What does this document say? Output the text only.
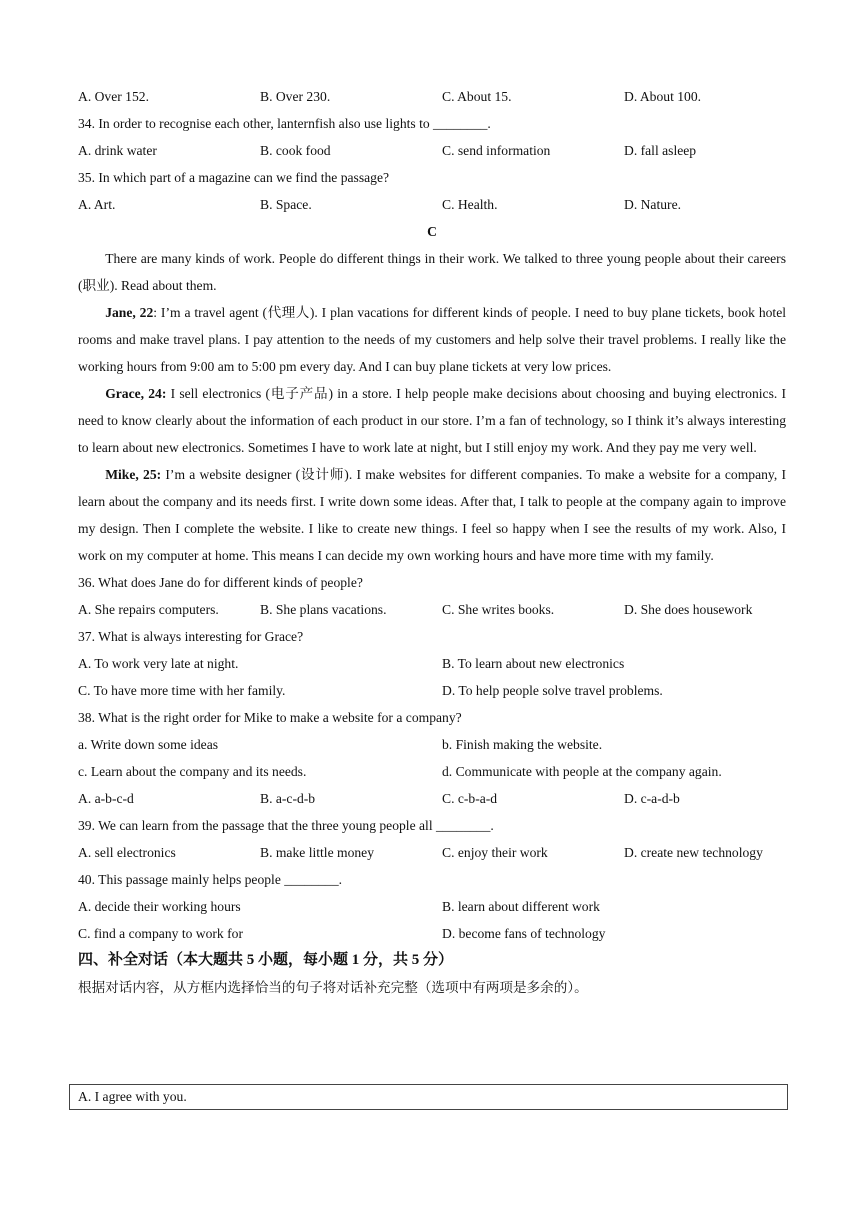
A. Over 152.	B. Over 230.	C. About 15.	D. About 100.
34. In order to recognise each other, lanternfish also use lights to ________.
A. drink water	B. cook food	C. send information	D. fall asleep
35. In which part of a magazine can we find the passage?
A. Art.	B. Space.	C. Health.	D. Nature.
C

There are many kinds of work. People do different things in their work. We talked to three young people about their careers (职业). Read about them.

Jane, 22: I’m a travel agent (代理人). I plan vacations for different kinds of people. I need to buy plane tickets, book hotel rooms and make travel plans. I pay attention to the needs of my customers and help solve their travel problems. I really like the working hours from 9:00 am to 5:00 pm every day. And I can buy plane tickets at very low prices.

Grace, 24: I sell electronics (电子产品) in a store. I help people make decisions about choosing and buying electronics. I need to know clearly about the information of each product in our store. I’m a fan of technology, so I think it’s always interesting to learn about new electronics. Sometimes I have to work late at night, but I still enjoy my work. And they pay me very well.

Mike, 25: I’m a website designer (设计师). I make websites for different companies. To make a website for a company, I learn about the company and its needs first. I write down some ideas. After that, I talk to people at the company again to improve my design. Then I complete the website. I like to create new things. I feel so happy when I see the results of my work. Also, I work on my computer at home. This means I can decide my own working hours and have more time with my family.

36. What does Jane do for different kinds of people?
A. She repairs computers.	B. She plans vacations.	C. She writes books.	D. She does housework
37. What is always interesting for Grace?
A. To work very late at night.	B. To learn about new electronics
C. To have more time with her family.	D. To help people solve travel problems.
38. What is the right order for Mike to make a website for a company?
a. Write down some ideas	b. Finish making the website.
c. Learn about the company and its needs.	d. Communicate with people at the company again.
A. a-b-c-d	B. a-c-d-b	C. c-b-a-d	D. c-a-d-b
39. We can learn from the passage that the three young people all ________.
A. sell electronics	B. make little money	C. enjoy their work	D. create new technology
40. This passage mainly helps people ________.
A. decide their working hours	B. learn about different work
C. find a company to work for	D. become fans of technology
四、补全对话（本大题共 5 小题，每小题 1 分，共 5 分）
根据对话内容，从方框内选择恰当的句子将对话补充完整（选项中有两项是多余的）。
A. I agree with you.
